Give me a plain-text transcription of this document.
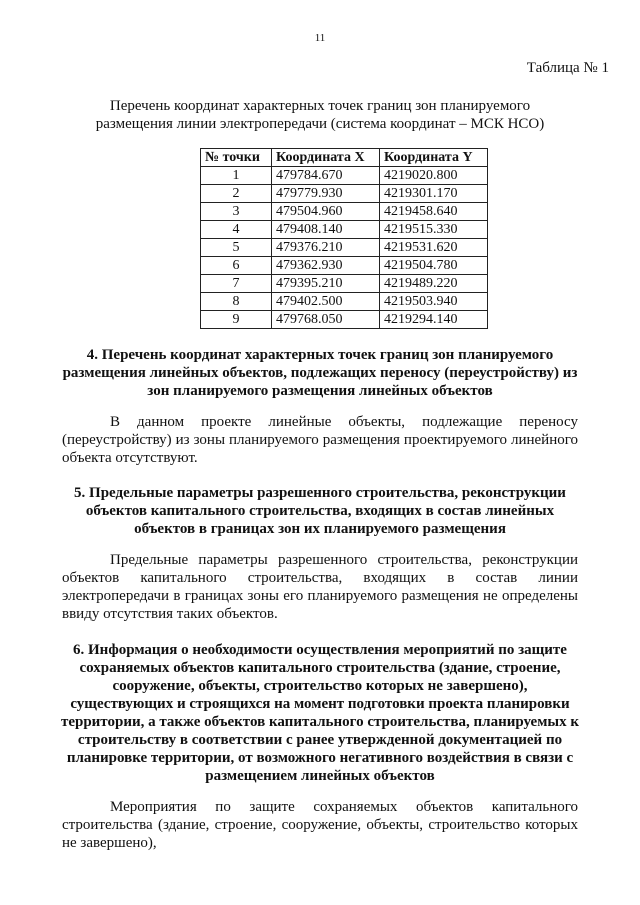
11
Таблица № 1
Перечень координат характерных точек границ зон планируемого размещения линии электропередачи (система координат – МСК НСО)
№ точки	Координата X	Координата Y
1	479784.670	4219020.800
2	479779.930	4219301.170
3	479504.960	4219458.640
4	479408.140	4219515.330
5	479376.210	4219531.620
6	479362.930	4219504.780
7	479395.210	4219489.220
8	479402.500	4219503.940
9	479768.050	4219294.140
4. Перечень координат характерных точек границ зон планируемого размещения линейных объектов, подлежащих переносу (переустройству) из зон планируемого размещения линейных объектов
В данном проекте линейные объекты, подлежащие переносу (переустройству) из зоны планируемого размещения проектируемого линейного объекта отсутствуют.
5. Предельные параметры разрешенного строительства, реконструкции объектов капитального строительства, входящих в состав линейных объектов в границах зон их планируемого размещения
Предельные параметры разрешенного строительства, реконструкции объектов капитального строительства, входящих в состав линии электропередачи в границах зоны его планируемого размещения не определены ввиду отсутствия таких объектов.
6. Информация о необходимости осуществления мероприятий по защите сохраняемых объектов капитального строительства (здание, строение, сооружение, объекты, строительство которых не завершено), существующих и строящихся на момент подготовки проекта планировки территории, а также объектов капитального строительства, планируемых к строительству в соответствии с ранее утвержденной документацией по планировке территории, от возможного негативного воздействия в связи с размещением линейных объектов
Мероприятия по защите сохраняемых объектов капитального строительства (здание, строение, сооружение, объекты, строительство которых не завершено),
